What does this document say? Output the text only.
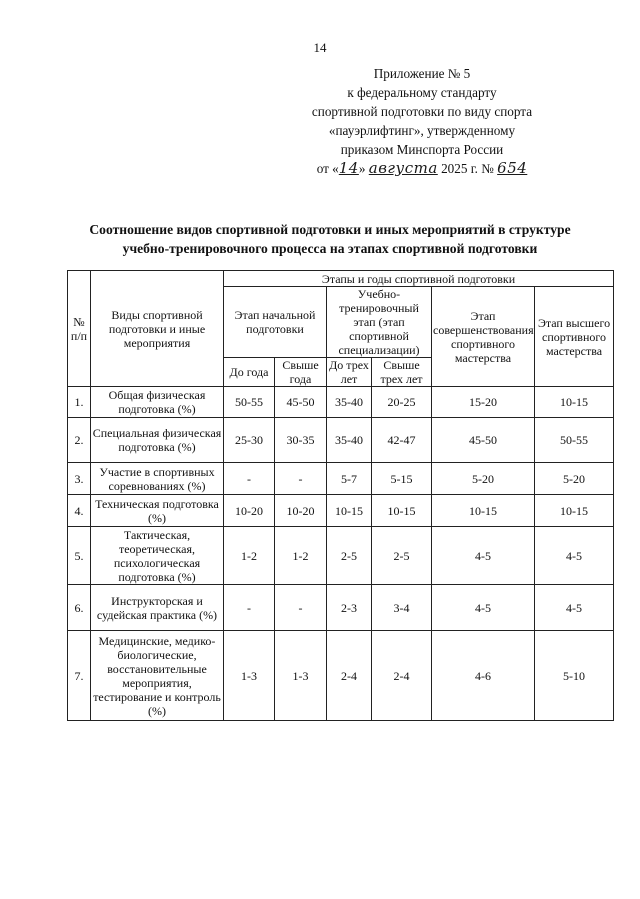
14
Приложение № 5
к федеральному стандарту
спортивной подготовки по виду спорта
«пауэрлифтинг», утвержденному
приказом Минспорта России
от «14» августа 2025 г. № 654
Соотношение видов спортивной подготовки и иных мероприятий в структуре
учебно-тренировочного процесса на этапах спортивной подготовки
№ п/п	Виды спортивной подготовки и иные мероприятия	Этапы и годы спортивной подготовки					
		Этап начальной подготовки		Учебно-тренировочный этап (этап спортивной специализации)		Этап совершенствования спортивного мастерства	Этап высшего спортивного мастерства
		До года	Свыше года	До трех лет	Свыше трех лет		
1.	Общая физическая подготовка (%)	50-55	45-50	35-40	20-25	15-20	10-15
2.	Специальная физическая подготовка (%)	25-30	30-35	35-40	42-47	45-50	50-55
3.	Участие в спортивных соревнованиях (%)	-	-	5-7	5-15	5-20	5-20
4.	Техническая подготовка (%)	10-20	10-20	10-15	10-15	10-15	10-15
5.	Тактическая, теоретическая, психологическая подготовка (%)	1-2	1-2	2-5	2-5	4-5	4-5
6.	Инструкторская и судейская практика (%)	-	-	2-3	3-4	4-5	4-5
7.	Медицинские, медико-биологические, восстановительные мероприятия, тестирование и контроль (%)	1-3	1-3	2-4	2-4	4-6	5-10
